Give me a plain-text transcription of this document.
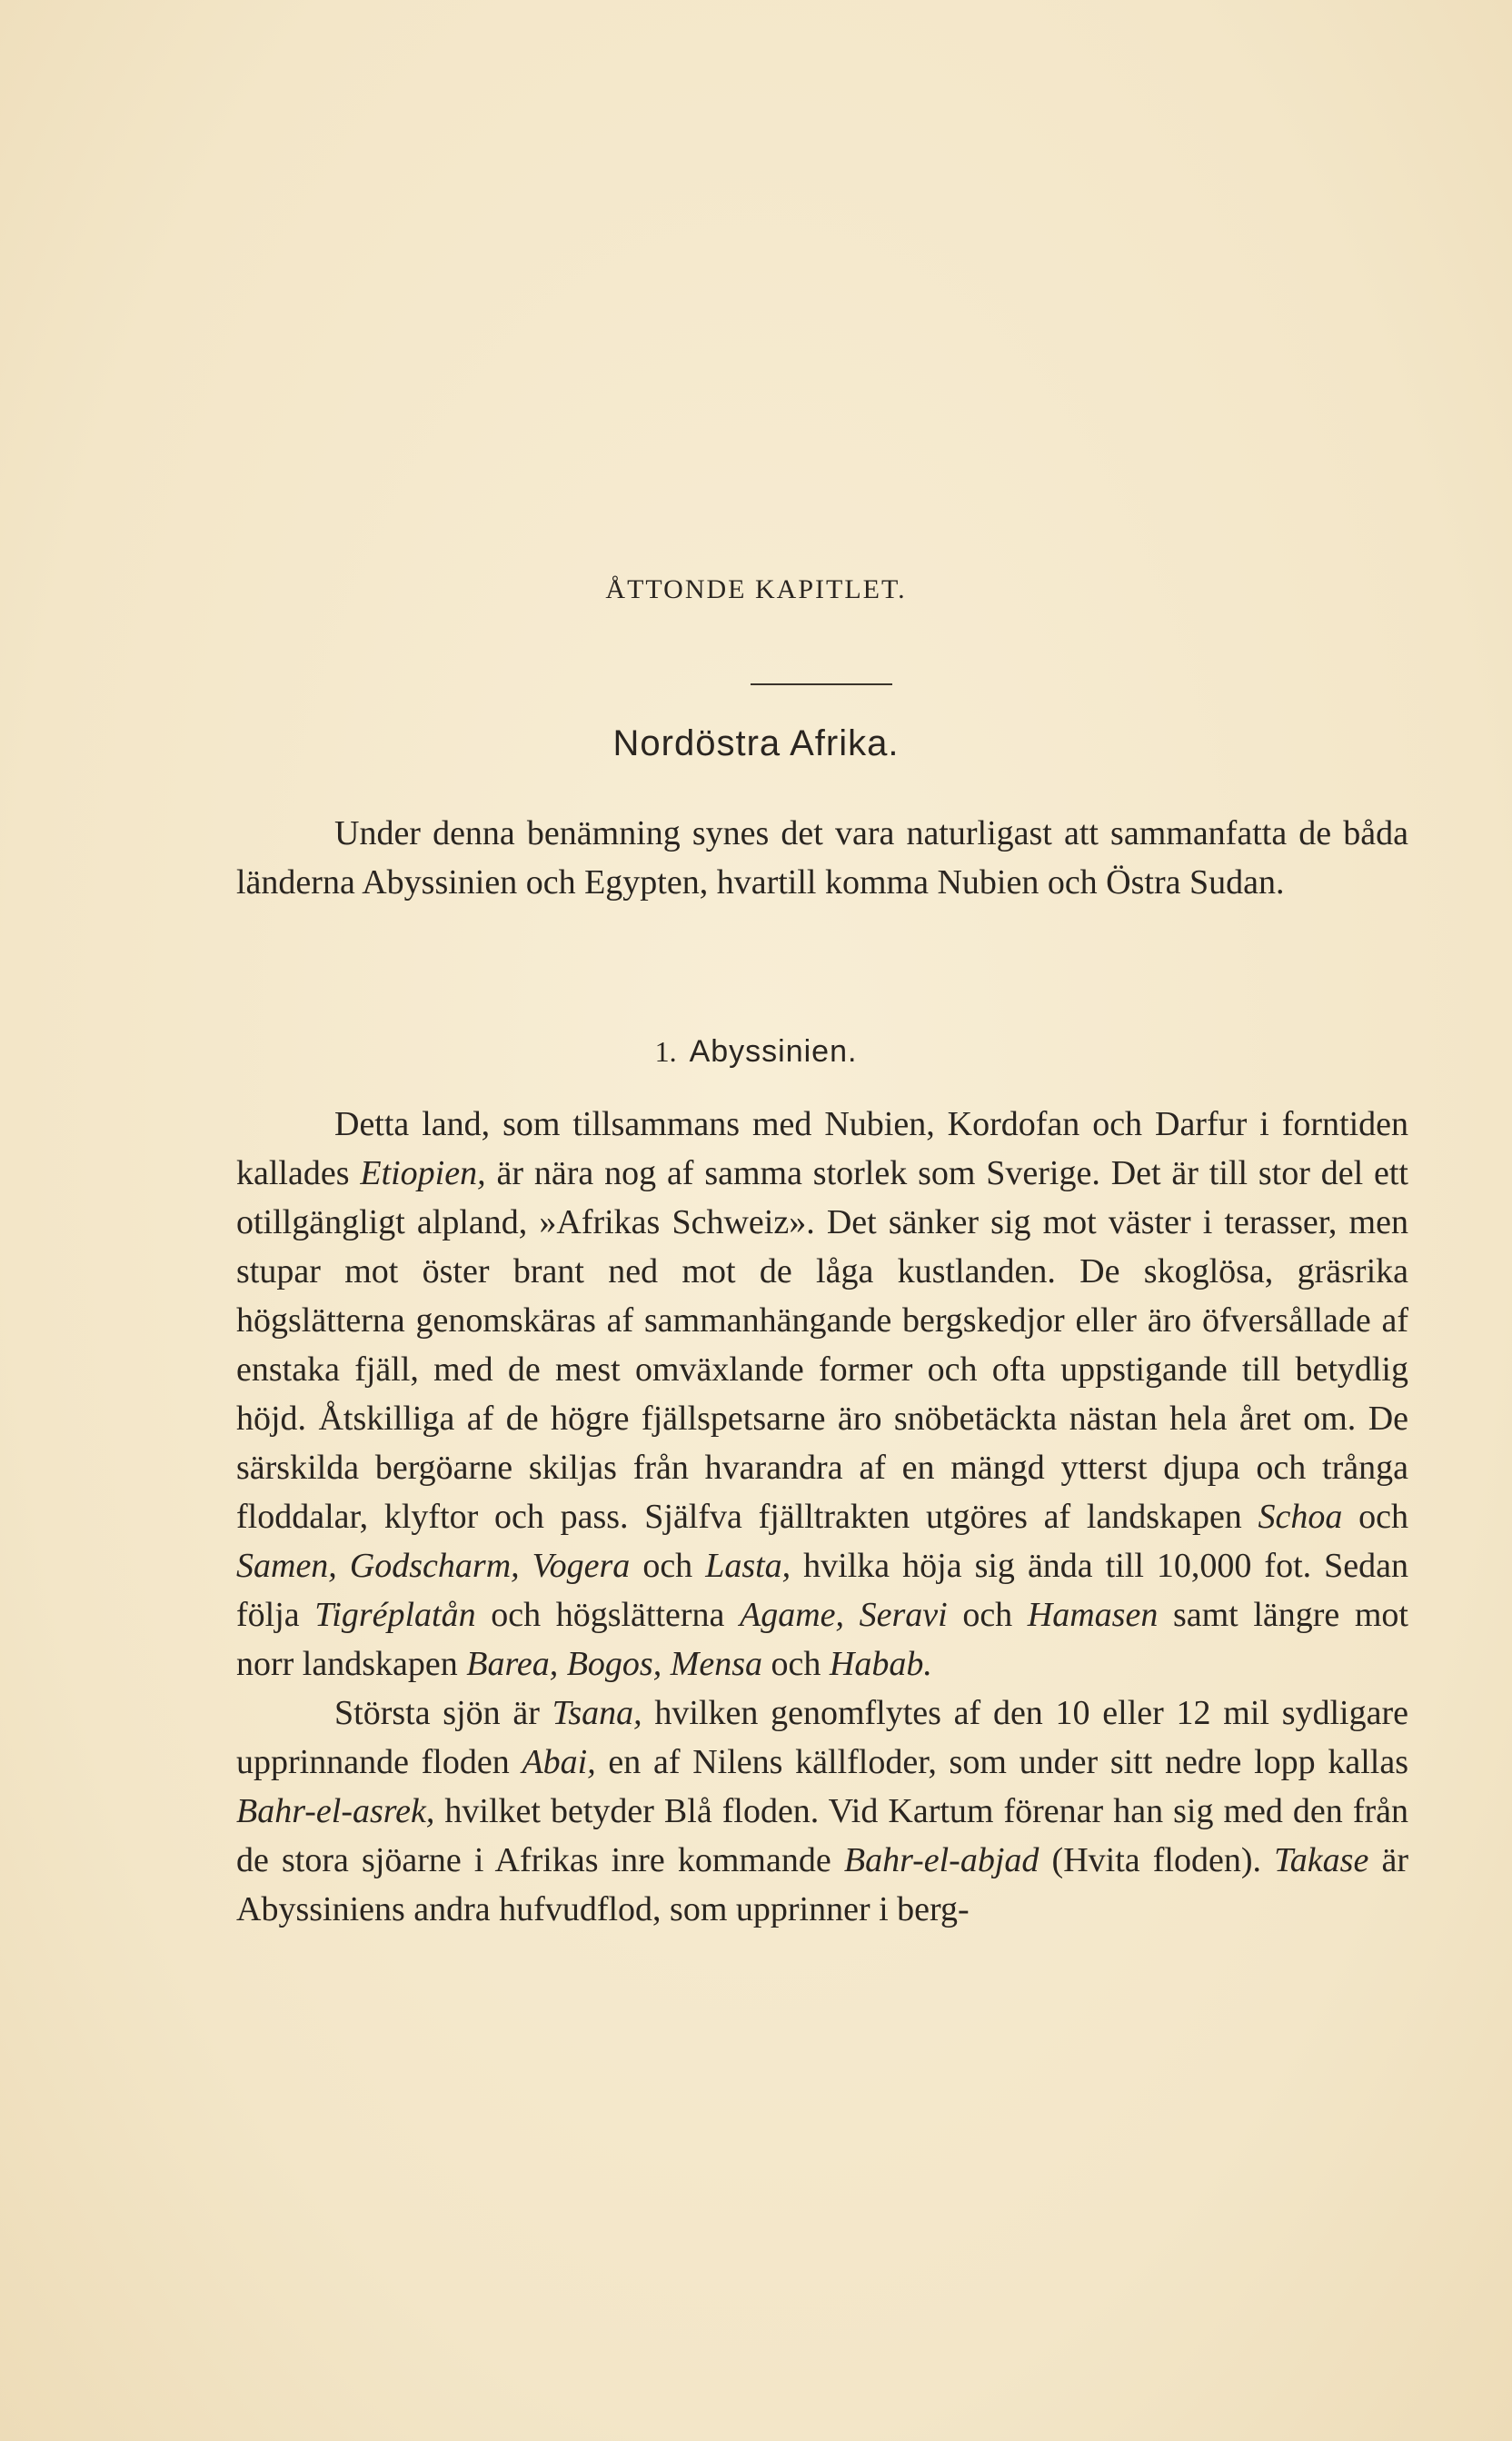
ÅTTONDE KAPITLET.
Nordöstra Afrika.

Under denna benämning synes det vara naturligast att sammanfatta de båda länderna Abyssinien och Egypten, hvartill komma Nubien och Östra Sudan.

1. Abyssinien.

Detta land, som tillsammans med Nubien, Kordofan och Darfur i forntiden kallades Etiopien, är nära nog af samma storlek som Sverige. Det är till stor del ett otillgängligt alpland, »Afrikas Schweiz». Det sänker sig mot väster i terasser, men stupar mot öster brant ned mot de låga kustlanden. De skoglösa, gräsrika högslätterna genomskäras af sammanhängande bergskedjor eller äro öfversållade af enstaka fjäll, med de mest omväxlande former och ofta uppstigande till betydlig höjd. Åtskilliga af de högre fjällspetsarne äro snöbetäckta nästan hela året om. De särskilda bergöarne skiljas från hvarandra af en mängd ytterst djupa och trånga floddalar, klyftor och pass. Själfva fjälltrakten utgöres af landskapen Schoa och Samen, Godscharm, Vogera och Lasta, hvilka höja sig ända till 10,000 fot. Sedan följa Tigréplatån och högslätterna Agame, Seravi och Hamasen samt längre mot norr landskapen Barea, Bogos, Mensa och Habab.

Största sjön är Tsana, hvilken genomflytes af den 10 eller 12 mil sydligare upprinnande floden Abai, en af Nilens källfloder, som under sitt nedre lopp kallas Bahr-el-asrek, hvilket betyder Blå floden. Vid Kartum förenar han sig med den från de stora sjöarne i Afrikas inre kommande Bahr-el-abjad (Hvita floden). Takase är Abyssiniens andra hufvudflod, som upprinner i berg-
